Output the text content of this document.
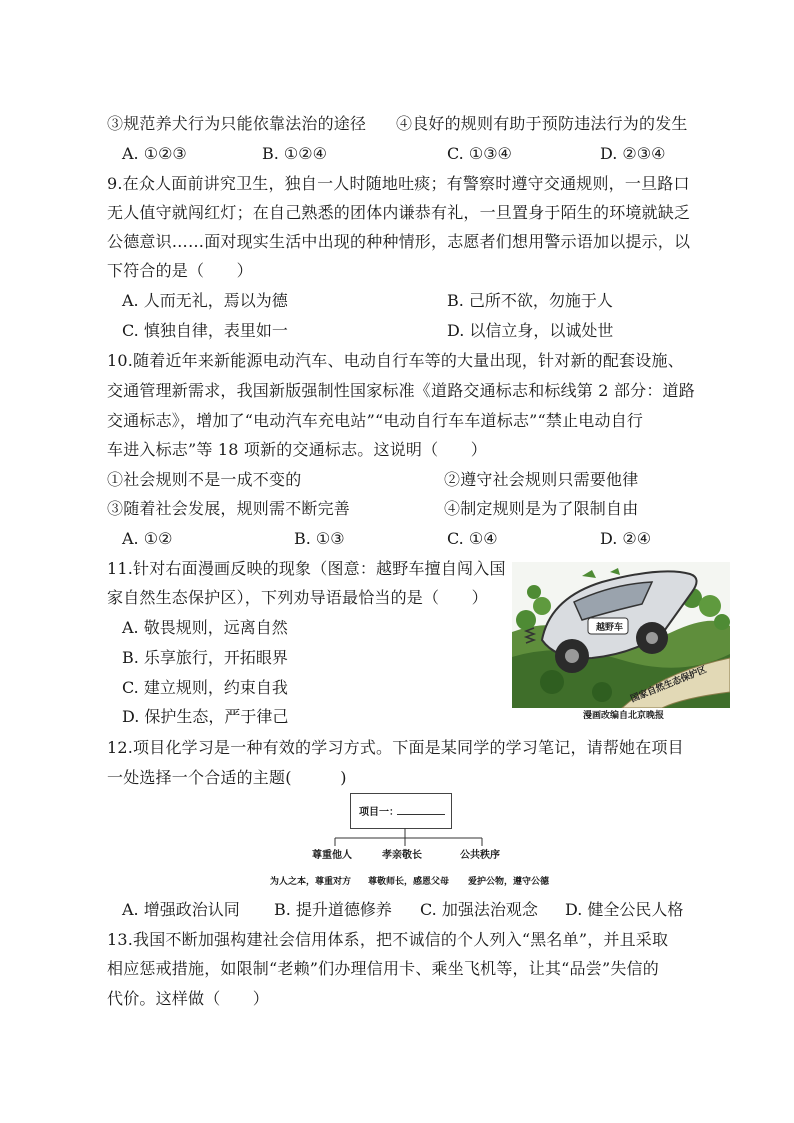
③规范养犬行为只能依靠法治的途径 ④良好的规则有助于预防违法行为的发生
A. ①②③	B. ①②④	C. ①③④	D. ②③④
9.在众人面前讲究卫生，独自一人时随地吐痰；有警察时遵守交通规则，一旦路口
无人值守就闯红灯；在自己熟悉的团体内谦恭有礼，一旦置身于陌生的环境就缺乏
公德意识……面对现实生活中出现的种种情形，志愿者们想用警示语加以提示，以
下符合的是（　　）
A. 人而无礼，焉以为德	B. 己所不欲，勿施于人
C. 慎独自律，表里如一	D. 以信立身，以诚处世
10.随着近年来新能源电动汽车、电动自行车等的大量出现，针对新的配套设施、
交通管理新需求，我国新版强制性国家标准《道路交通标志和标线第 2 部分：道路
交通标志》，增加了“电动汽车充电站”“电动自行车车道标志”“禁止电动自行
车进入标志”等 18 项新的交通标志。这说明（　　）
①社会规则不是一成不变的	②遵守社会规则只需要他律
③随着社会发展，规则需不断完善	④制定规则是为了限制自由
A. ①②	B. ①③	C. ①④	D. ②④
11.针对右面漫画反映的现象（图意：越野车擅自闯入国
家自然生态保护区），下列劝导语最恰当的是（　　）
A. 敬畏规则，远离自然
B. 乐享旅行，开拓眼界
C. 建立规则，约束自我
D. 保护生态，严于律己
越野车
国家自然生态保护区
漫画改编自北京晚报
12.项目化学习是一种有效的学习方式。下面是某同学的学习笔记，请帮她在项目
一处选择一个合适的主题(　　　)
项目一：
尊重他人	孝亲敬长	公共秩序
为人之本，尊重对方 尊敬师长，感恩父母 爱护公物，遵守公德
A. 增强政治认同 B. 提升道德修养 C. 加强法治观念 D. 健全公民人格
13.我国不断加强构建社会信用体系，把不诚信的个人列入“黑名单”，并且采取
相应惩戒措施，如限制“老赖”们办理信用卡、乘坐飞机等，让其“品尝”失信的
代价。这样做（　　）
